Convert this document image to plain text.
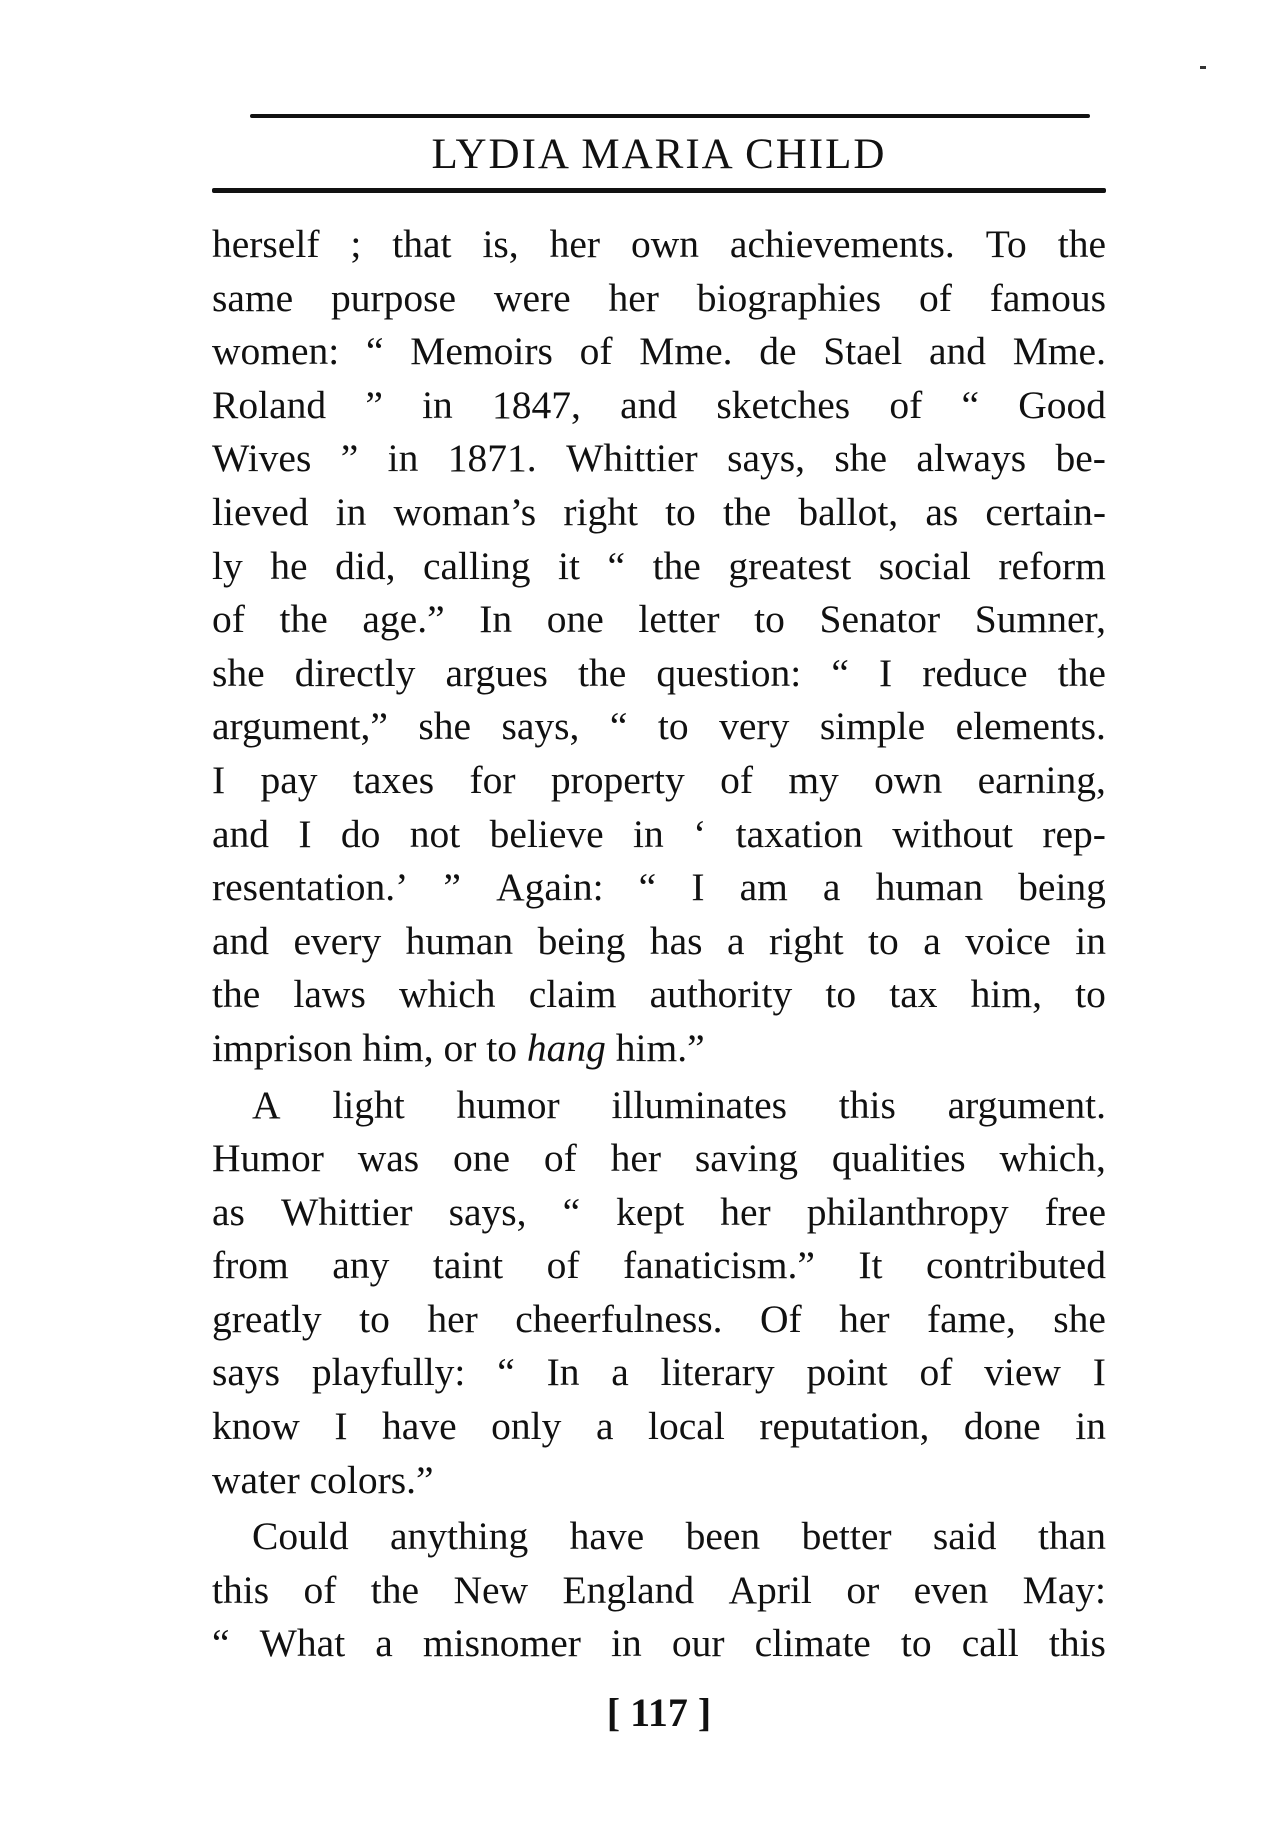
LYDIA MARIA CHILD
herself ; that is, her own achievements. To the
same purpose were her biographies of famous
women: “ Memoirs of Mme. de Stael and Mme.
Roland ” in 1847, and sketches of “ Good
Wives ” in 1871. Whittier says, she always be-
lieved in woman’s right to the ballot, as certain-
ly he did, calling it “ the greatest social reform
of the age.” In one letter to Senator Sumner,
she directly argues the question: “ I reduce the
argument,” she says, “ to very simple elements.
I pay taxes for property of my own earning,
and I do not believe in ‘ taxation without rep-
resentation.’ ” Again: “ I am a human being
and every human being has a right to a voice in
the laws which claim authority to tax him, to
imprison him, or to
hang
him.”
A light humor illuminates this argument.
Humor was one of her saving qualities which,
as Whittier says, “ kept her philanthropy free
from any taint of fanaticism.” It contributed
greatly to her cheerfulness. Of her fame, she
says playfully: “ In a literary point of view I
know I have only a local reputation, done in
water colors.”
Could anything have been better said than
this of the New England April or even May:
“ What a misnomer in our climate to call this
[ 117 ]
